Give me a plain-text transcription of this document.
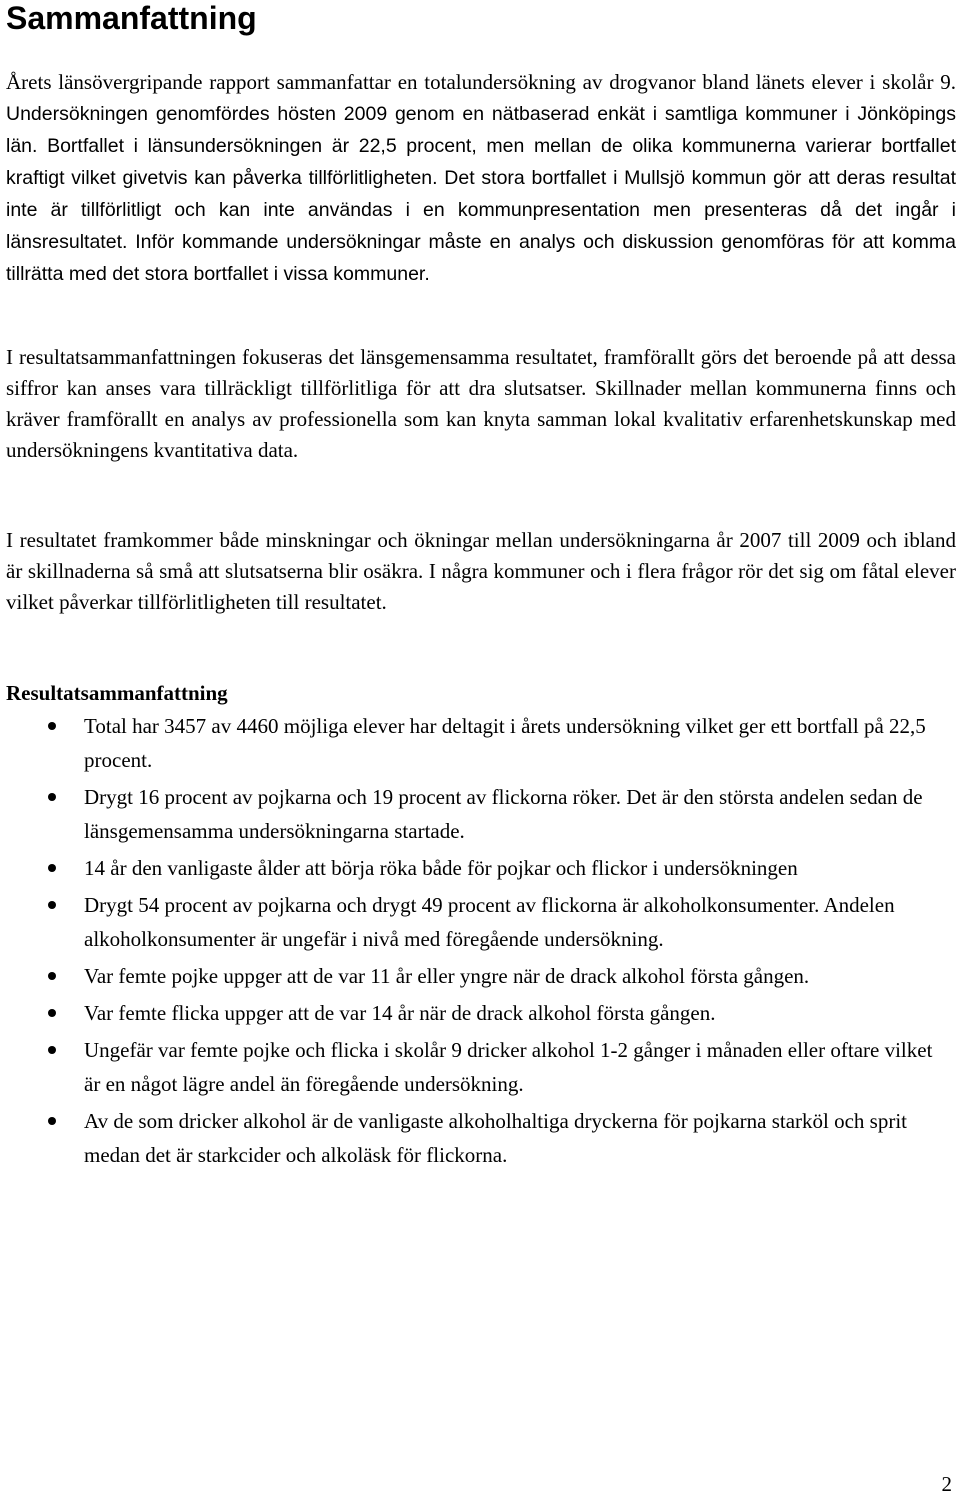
Sammanfattning

Årets länsövergripande rapport sammanfattar en totalundersökning av drogvanor bland länets elever i skolår 9. Undersökningen genomfördes hösten 2009 genom en nätbaserad enkät i samtliga kommuner i Jönköpings län. Bortfallet i länsundersökningen är 22,5 procent, men mellan de olika kommunerna varierar bortfallet kraftigt vilket givetvis kan påverka tillförlitligheten. Det stora bortfallet i Mullsjö kommun gör att deras resultat inte är tillförlitligt och kan inte användas i en kommunpresentation men presenteras då det ingår i länsresultatet. Inför kommande undersökningar måste en analys och diskussion genomföras för att komma tillrätta med det stora bortfallet i vissa kommuner.

I resultatsammanfattningen fokuseras det länsgemensamma resultatet, framförallt görs det beroende på att dessa siffror kan anses vara tillräckligt tillförlitliga för att dra slutsatser. Skillnader mellan kommunerna finns och kräver framförallt en analys av professionella som kan knyta samman lokal kvalitativ erfarenhetskunskap med undersökningens kvantitativa data.

I resultatet framkommer både minskningar och ökningar mellan undersökningarna år 2007 till 2009 och ibland är skillnaderna så små att slutsatserna blir osäkra. I några kommuner och i flera frågor rör det sig om fåtal elever vilket påverkar tillförlitligheten till resultatet.

Resultatsammanfattning
Total har 3457 av 4460 möjliga elever har deltagit i årets undersökning vilket ger ett bortfall på 22,5 procent.
Drygt 16 procent av pojkarna och 19 procent av flickorna röker. Det är den största andelen sedan de länsgemensamma undersökningarna startade.
14 år den vanligaste ålder att börja röka både för pojkar och flickor i undersökningen
Drygt 54 procent av pojkarna och drygt 49 procent av flickorna är alkoholkonsumenter. Andelen alkoholkonsumenter är ungefär i nivå med föregående undersökning.
Var femte pojke uppger att de var 11 år eller yngre när de drack alkohol första gången.
Var femte flicka uppger att de var 14 år när de drack alkohol första gången.
Ungefär var femte pojke och flicka i skolår 9 dricker alkohol 1-2 gånger i månaden eller oftare vilket är en något lägre andel än föregående undersökning.
Av de som dricker alkohol är de vanligaste alkoholhaltiga dryckerna för pojkarna starköl och sprit medan det är starkcider och alkoläsk för flickorna.
2
